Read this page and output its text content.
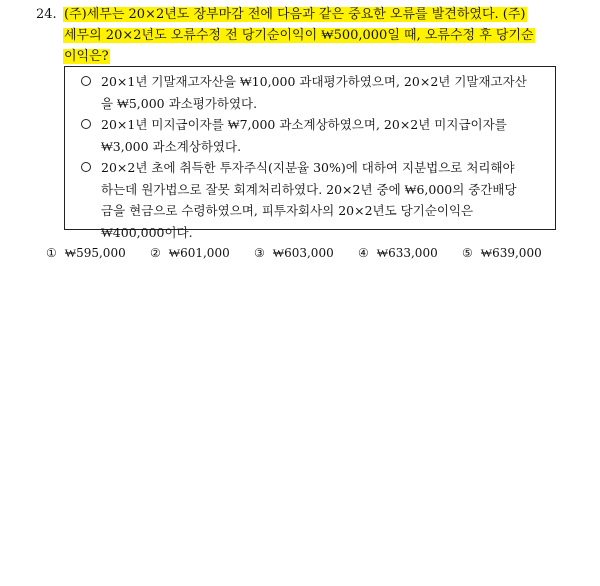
24. (주)세무는 20×2년도 장부마감 전에 다음과 같은 중요한 오류를 발견하였다. (주)
세무의 20×2년도 오류수정 전 당기순이익이 ₩500,000일 때, 오류수정 후 당기순
이익은?
20×1년 기말재고자산을 ₩10,000 과대평가하였으며, 20×2년 기말재고자산
을 ₩5,000 과소평가하였다.
20×1년 미지급이자를 ₩7,000 과소계상하였으며, 20×2년 미지급이자를
₩3,000 과소계상하였다.
20×2년 초에 취득한 투자주식(지분율 30%)에 대하여 지분법으로 처리해야
하는데 원가법으로 잘못 회계처리하였다. 20×2년 중에 ₩6,000의 중간배당
금을 현금으로 수령하였으며, 피투자회사의 20×2년도 당기순이익은
₩400,000이다.
① ₩595,000	② ₩601,000	③ ₩603,000	④ ₩633,000	⑤ ₩639,000
